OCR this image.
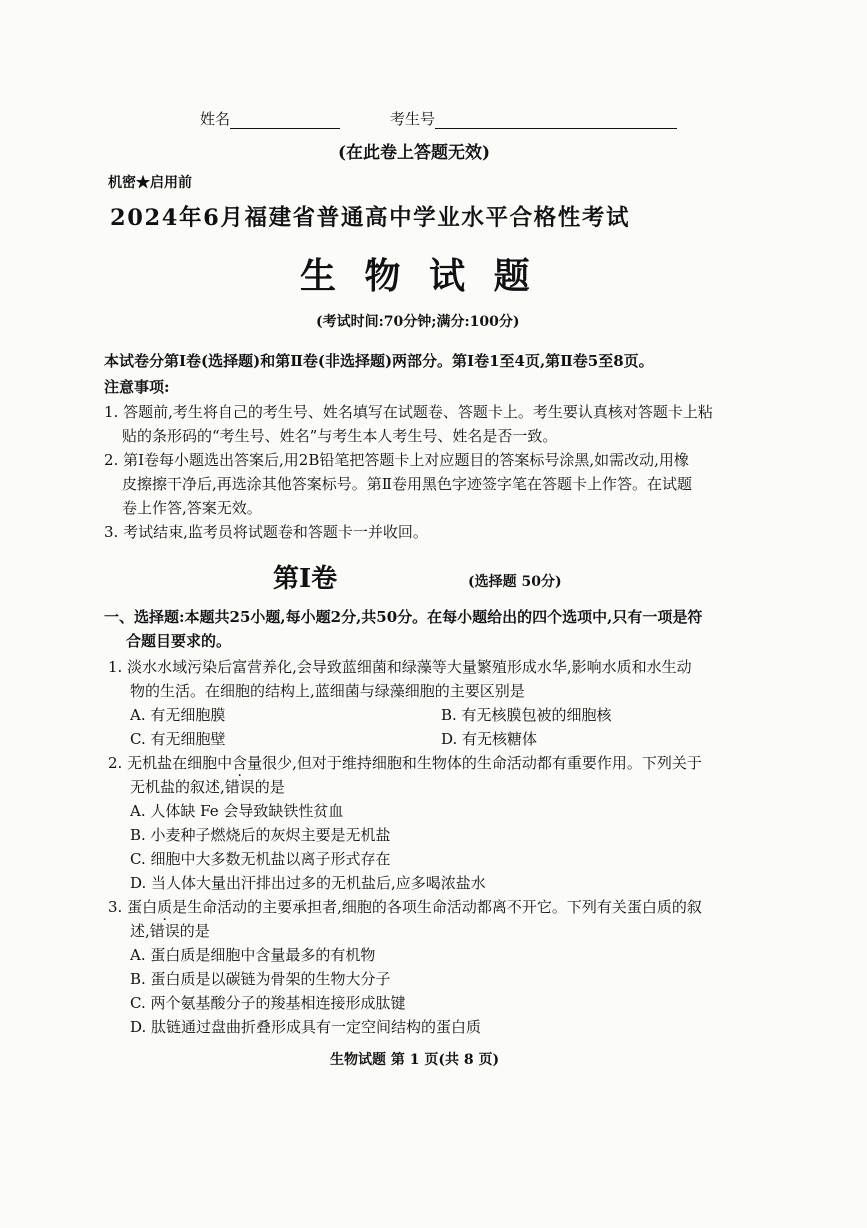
姓名	考生号
(在此卷上答题无效)
机密★启用前
2024年6月福建省普通高中学业水平合格性考试
生 物 试 题
(考试时间:70分钟;满分:100分)
本试卷分第Ⅰ卷(选择题)和第Ⅱ卷(非选择题)两部分。第Ⅰ卷1至4页,第Ⅱ卷5至8页。
注意事项:
1. 答题前,考生将自己的考生号、姓名填写在试题卷、答题卡上。考生要认真核对答题卡上粘
贴的条形码的“考生号、姓名”与考生本人考生号、姓名是否一致。
2. 第Ⅰ卷每小题选出答案后,用2B铅笔把答题卡上对应题目的答案标号涂黑,如需改动,用橡
皮擦擦干净后,再选涂其他答案标号。第Ⅱ卷用黑色字迹签字笔在答题卡上作答。在试题
卷上作答,答案无效。
3. 考试结束,监考员将试题卷和答题卡一并收回。
第Ⅰ卷	(选择题 50分)
一、选择题:本题共25小题,每小题2分,共50分。在每小题给出的四个选项中,只有一项是符
合题目要求的。
1. 淡水水域污染后富营养化,会导致蓝细菌和绿藻等大量繁殖形成水华,影响水质和水生动
物的生活。在细胞的结构上,蓝细菌与绿藻细胞的主要区别是
A. 有无细胞膜	B. 有无核膜包被的细胞核
C. 有无细胞壁	D. 有无核糖体
2. 无机盐在细胞中含量很少,但对于维持细胞和生物体的生命活动都有重要作用。下列关于
无机盐的叙述,错误的是
A. 人体缺 Fe 会导致缺铁性贫血
B. 小麦种子燃烧后的灰烬主要是无机盐
C. 细胞中大多数无机盐以离子形式存在
D. 当人体大量出汗排出过多的无机盐后,应多喝浓盐水
3. 蛋白质是生命活动的主要承担者,细胞的各项生命活动都离不开它。下列有关蛋白质的叙
述,错误的是
A. 蛋白质是细胞中含量最多的有机物
B. 蛋白质是以碳链为骨架的生物大分子
C. 两个氨基酸分子的羧基相连接形成肽键
D. 肽链通过盘曲折叠形成具有一定空间结构的蛋白质
生物试题 第 1 页(共 8 页)
